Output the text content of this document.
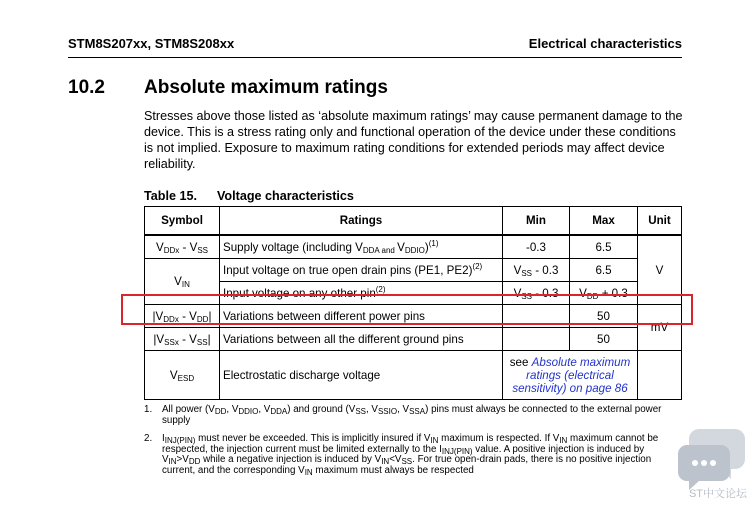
STM8S207xx, STM8S208xx	Electrical characteristics
10.2 Absolute maximum ratings

Stresses above those listed as ‘absolute maximum ratings’ may cause permanent damage to the device. This is a stress rating only and functional operation of the device under these conditions is not implied. Exposure to maximum rating conditions for extended periods may affect device reliability.

Table 15. Voltage characteristics
Symbol	Ratings	Min	Max	Unit
$V_{DDx} - V_{SS}$	Supply voltage (including $V_{DDA and}$ $V_{DDIO})^{(1)}$	-0.3	6.5	V
$V_{IN}$	Input voltage on true open drain pins (PE1, PE2)$^{(2)}$	$V_{SS} - 0.3$	6.5	
	Input voltage on any other pin$^{(2)}$	$V_{SS} - 0.3$	$V_{DD} + 0.3$	
$|V_{DDx} - V_{DD}|$	Variations between different power pins		50	mV
$|V_{SSx} - V_{SS}|$	Variations between all the different ground pins		50	
$V_{ESD}$	Electrostatic discharge voltage	see Absolute maximum ratings (electrical sensitivity) on page 86		
1. All power ($V_{DD}$, $V_{DDIO}$, $V_{DDA}$) and ground ($V_{SS}$, $V_{SSIO}$, $V_{SSA}$) pins must always be connected to the external power supply
2. $I_{INJ(PIN)}$ must never be exceeded. This is implicitly insured if $V_{IN}$ maximum is respected. If $V_{IN}$ maximum cannot be respected, the injection current must be limited externally to the $I_{INJ(PIN)}$ value. A positive injection is induced by $V_{IN}>V_{DD}$ while a negative injection is induced by $V_{IN}<V_{SS}$. For true open-drain pads, there is no positive injection current, and the corresponding $V_{IN}$ maximum must always be respected
ST中文论坛
